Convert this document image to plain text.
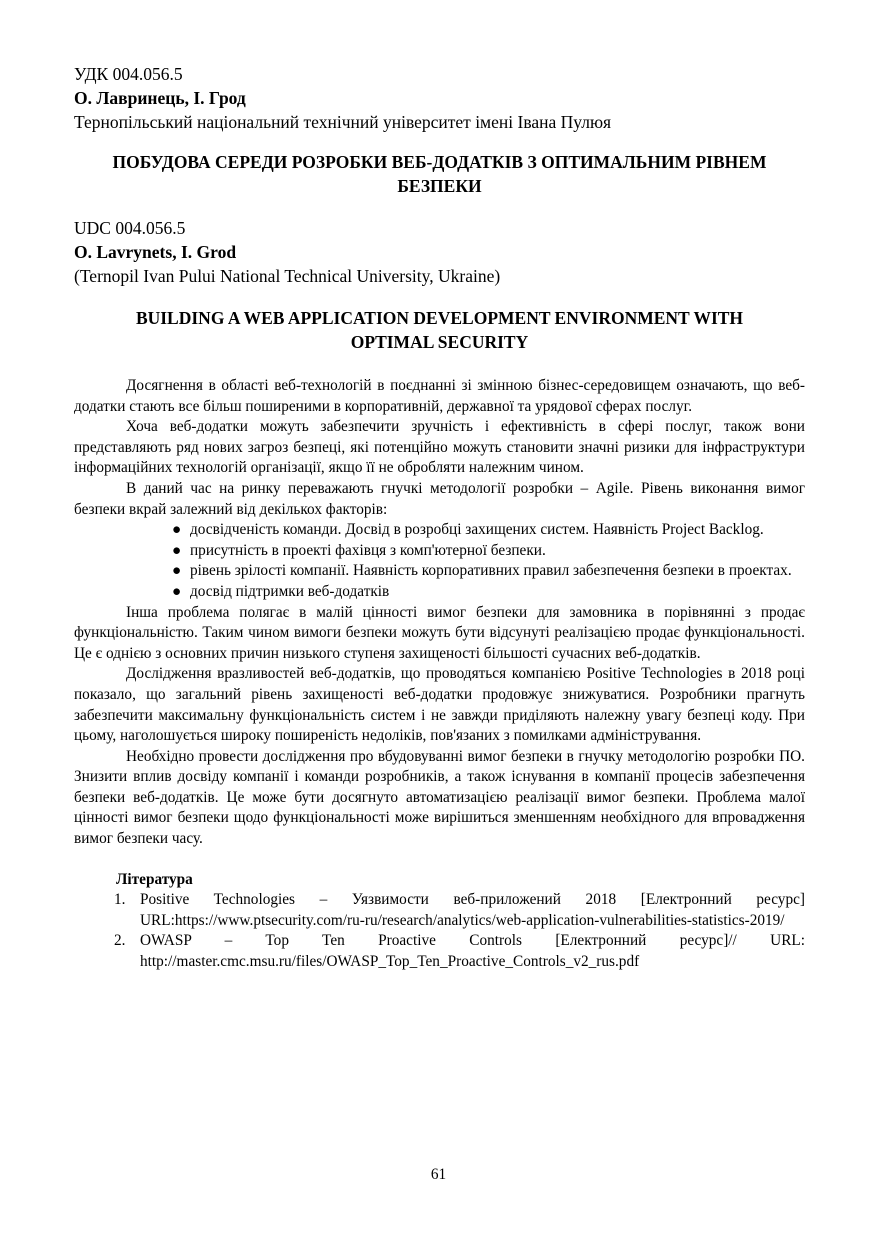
УДК 004.056.5
О. Лавринець, І. Грод
Тернопільський національний технічний університет імені Івана Пулюя
ПОБУДОВА СЕРЕДИ РОЗРОБКИ ВЕБ-ДОДАТКІВ З ОПТИМАЛЬНИМ РІВНЕМ БЕЗПЕКИ
UDC 004.056.5
O. Lavrynets, I. Grod
(Ternopil Ivan Pului National Technical University, Ukraine)
BUILDING A WEB APPLICATION DEVELOPMENT ENVIRONMENT WITH OPTIMAL SECURITY

Досягнення в області веб-технологій в поєднанні зі змінною бізнес-середовищем означають, що веб-додатки стають все більш поширеними в корпоративній, державної та урядової сферах послуг.

Хоча веб-додатки можуть забезпечити зручність і ефективність в сфері послуг, також вони представляють ряд нових загроз безпеці, які потенційно можуть становити значні ризики для інфраструктури інформаційних технологій організації, якщо її не обробляти належним чином.

В даний час на ринку переважають гнучкі методології розробки – Agile. Рівень виконання вимог безпеки вкрай залежний від декількох факторів:

● досвідченість команди. Досвід в розробці захищених систем. Наявність Project Backlog.
● присутність в проекті фахівця з комп'ютерної безпеки.
● рівень зрілості компанії. Наявність корпоративних правил забезпечення безпеки в проектах.
● досвід підтримки веб-додатків

Інша проблема полягає в малій цінності вимог безпеки для замовника в порівнянні з продає функціональністю. Таким чином вимоги безпеки можуть бути відсунуті реалізацією продає функціональності. Це є однією з основних причин низького ступеня захищеності більшості сучасних веб-додатків.

Дослідження вразливостей веб-додатків, що проводяться компанією Positive Technologies в 2018 році показало, що загальний рівень захищеності веб-додатки продовжує знижуватися. Розробники прагнуть забезпечити максимальну функціональність систем і не завжди приділяють належну увагу безпеці коду. При цьому, наголошується широку поширеність недоліків, пов'язаних з помилками адміністрування.

Необхідно провести дослідження про вбудовуванні вимог безпеки в гнучку методологію розробки ПО. Знизити вплив досвіду компанії і команди розробників, а також існування в компанії процесів забезпечення безпеки веб-додатків. Це може бути досягнуто автоматизацією реалізації вимог безпеки. Проблема малої цінності вимог безпеки щодо функціональності може вирішиться зменшенням необхідного для впровадження вимог безпеки часу.

Література
1. Positive Technologies – Уязвимости веб-приложений 2018 [Електронний ресурс] URL:https://www.ptsecurity.com/ru-ru/research/analytics/web-application-vulnerabilities-statistics-2019/
2. OWASP – Top Ten Proactive Controls [Електронний ресурс]// URL: http://master.cmc.msu.ru/files/OWASP_Top_Ten_Proactive_Controls_v2_rus.pdf
61
